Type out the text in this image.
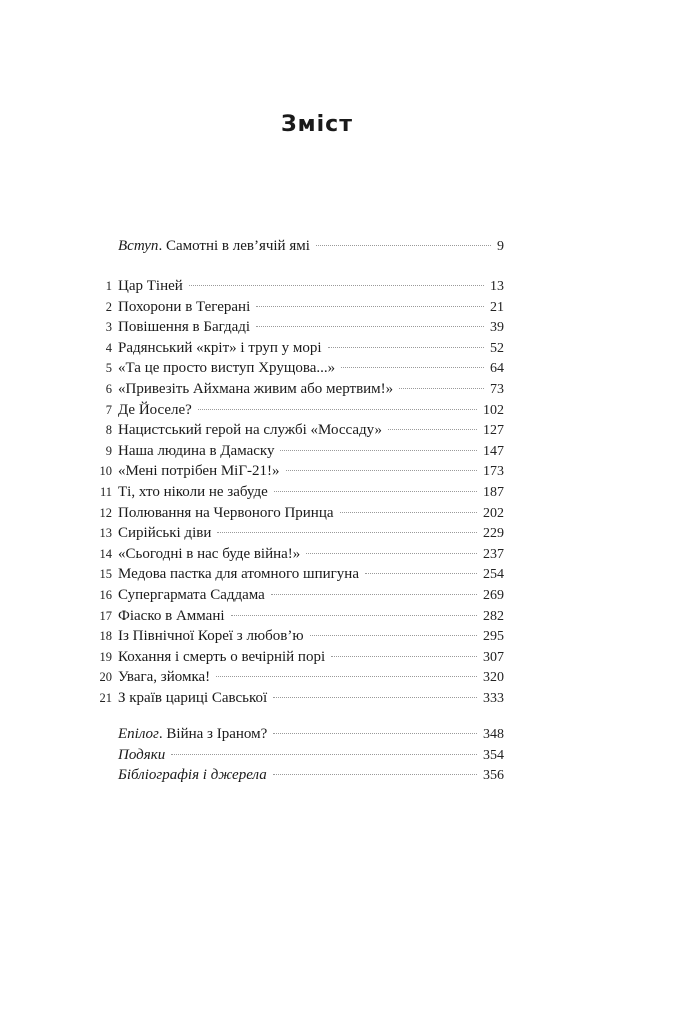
Зміст
Вступ. Самотні в лев’ячій ямі	9
1 Цар Тіней	13
2 Похорони в Тегерані	21
3 Повішення в Багдаді	39
4 Радянський «кріт» і труп у морі	52
5 «Та це просто виступ Хрущова...»	64
6 «Привезіть Айхмана живим або мертвим!»	73
7 Де Йоселе?	102
8 Нацистський герой на службі «Моссаду»	127
9 Наша людина в Дамаску	147
10 «Мені потрібен МіГ-21!»	173
11 Ті, хто ніколи не забуде	187
12 Полювання на Червоного Принца	202
13 Сирійські діви	229
14 «Сьогодні в нас буде війна!»	237
15 Медова пастка для атомного шпигуна	254
16 Супергармата Саддама	269
17 Фіаско в Аммані	282
18 Із Північної Кореї з любов’ю	295
19 Кохання і смерть о вечірній порі	307
20 Увага, зйомка!	320
21 З країв цариці Савської	333
Епілог. Війна з Іраном?	348
Подяки	354
Бібліографія і джерела	356
